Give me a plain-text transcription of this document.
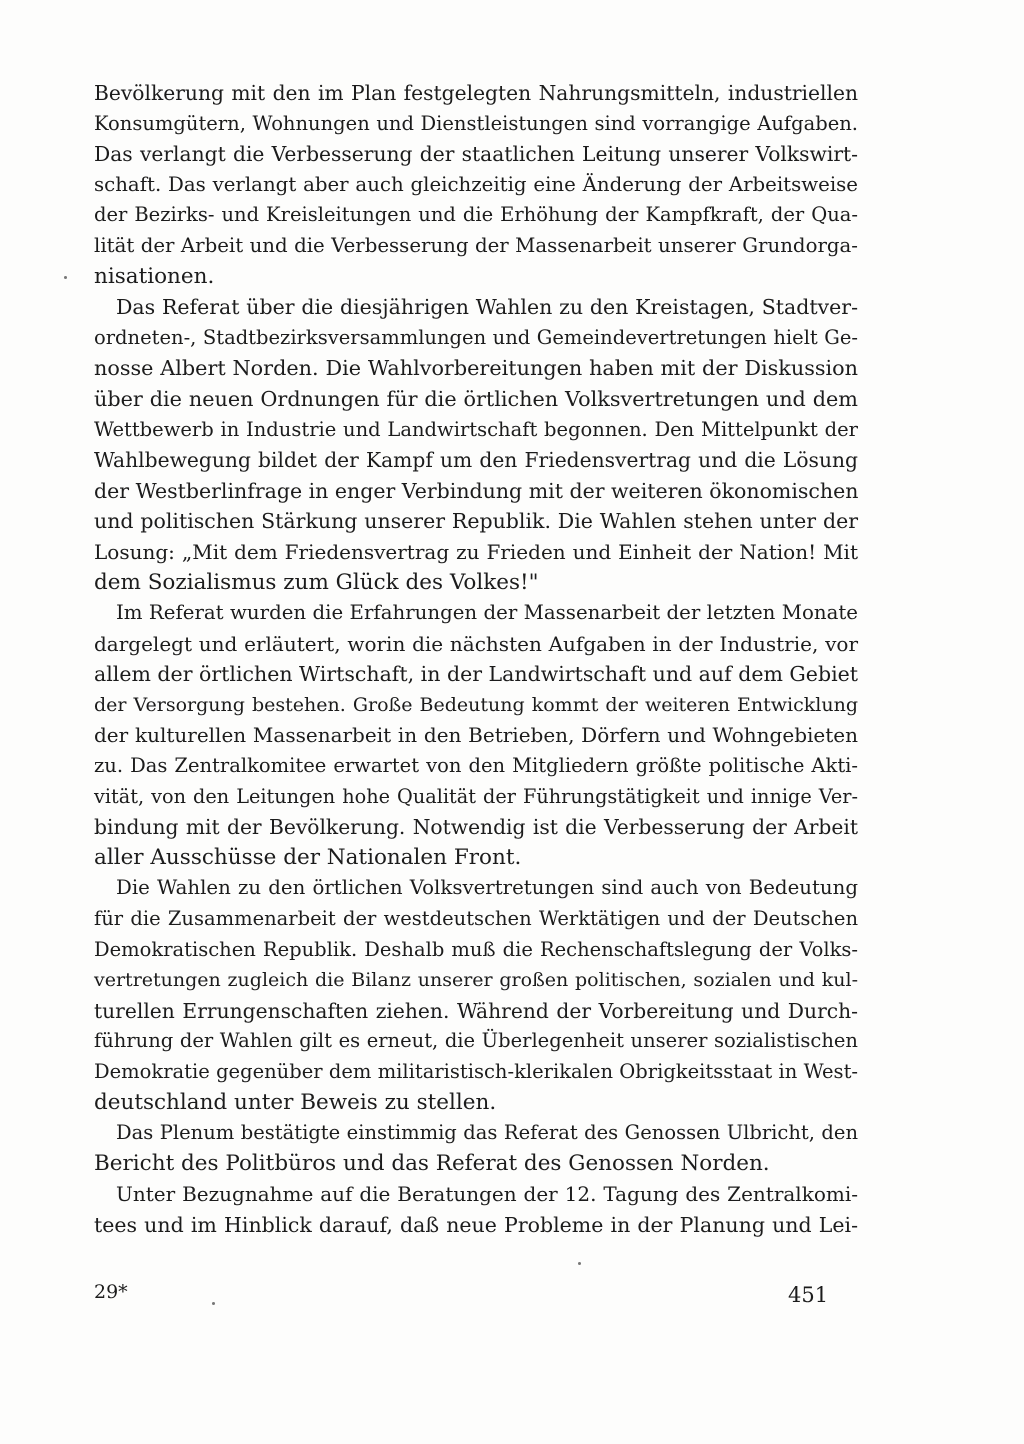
Bevölkerung mit den im Plan festgelegten Nahrungsmitteln, industriellen
Konsumgütern, Wohnungen und Dienstleistungen sind vorrangige Aufgaben.
Das verlangt die Verbesserung der staatlichen Leitung unserer Volkswirt-
schaft. Das verlangt aber auch gleichzeitig eine Änderung der Arbeitsweise
der Bezirks- und Kreisleitungen und die Erhöhung der Kampfkraft, der Qua-
lität der Arbeit und die Verbesserung der Massenarbeit unserer Grundorga-
nisationen.
Das Referat über die diesjährigen Wahlen zu den Kreistagen, Stadtver-
ordneten-, Stadtbezirksversammlungen und Gemeindevertretungen hielt Ge-
nosse Albert Norden. Die Wahlvorbereitungen haben mit der Diskussion
über die neuen Ordnungen für die örtlichen Volksvertretungen und dem
Wettbewerb in Industrie und Landwirtschaft begonnen. Den Mittelpunkt der
Wahlbewegung bildet der Kampf um den Friedensvertrag und die Lösung
der Westberlinfrage in enger Verbindung mit der weiteren ökonomischen
und politischen Stärkung unserer Republik. Die Wahlen stehen unter der
Losung: „Mit dem Friedensvertrag zu Frieden und Einheit der Nation! Mit
dem Sozialismus zum Glück des Volkes!"
Im Referat wurden die Erfahrungen der Massenarbeit der letzten Monate
dargelegt und erläutert, worin die nächsten Aufgaben in der Industrie, vor
allem der örtlichen Wirtschaft, in der Landwirtschaft und auf dem Gebiet
der Versorgung bestehen. Große Bedeutung kommt der weiteren Entwicklung
der kulturellen Massenarbeit in den Betrieben, Dörfern und Wohngebieten
zu. Das Zentralkomitee erwartet von den Mitgliedern größte politische Akti-
vität, von den Leitungen hohe Qualität der Führungstätigkeit und innige Ver-
bindung mit der Bevölkerung. Notwendig ist die Verbesserung der Arbeit
aller Ausschüsse der Nationalen Front.
Die Wahlen zu den örtlichen Volksvertretungen sind auch von Bedeutung
für die Zusammenarbeit der westdeutschen Werktätigen und der Deutschen
Demokratischen Republik. Deshalb muß die Rechenschaftslegung der Volks-
vertretungen zugleich die Bilanz unserer großen politischen, sozialen und kul-
turellen Errungenschaften ziehen. Während der Vorbereitung und Durch-
führung der Wahlen gilt es erneut, die Überlegenheit unserer sozialistischen
Demokratie gegenüber dem militaristisch-klerikalen Obrigkeitsstaat in West-
deutschland unter Beweis zu stellen.
Das Plenum bestätigte einstimmig das Referat des Genossen Ulbricht, den
Bericht des Politbüros und das Referat des Genossen Norden.
Unter Bezugnahme auf die Beratungen der 12. Tagung des Zentralkomi-
tees und im Hinblick darauf, daß neue Probleme in der Planung und Lei-
29*	451
